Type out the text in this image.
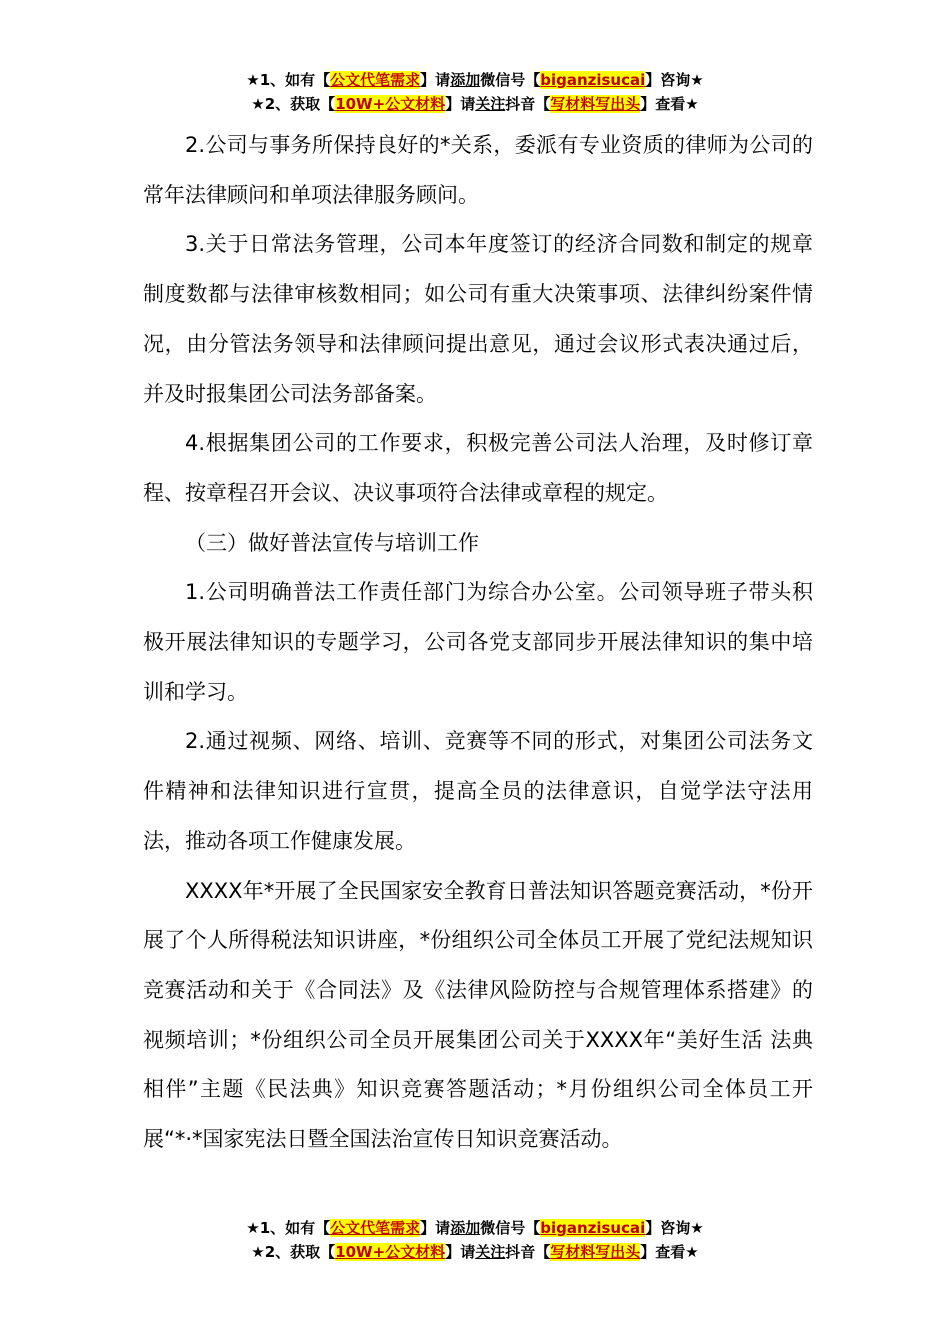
★1、如有【公文代笔需求】请添加微信号【biganzisucai】咨询★
★2、获取【10W+公文材料】请关注抖音【写材料写出头】查看★

2.公司与事务所保持良好的*关系，委派有专业资质的律师为公司的常年法律顾问和单项法律服务顾问。

3.关于日常法务管理，公司本年度签订的经济合同数和制定的规章制度数都与法律审核数相同；如公司有重大决策事项、法律纠纷案件情况，由分管法务领导和法律顾问提出意见，通过会议形式表决通过后，并及时报集团公司法务部备案。

4.根据集团公司的工作要求，积极完善公司法人治理，及时修订章程、按章程召开会议、决议事项符合法律或章程的规定。

（三）做好普法宣传与培训工作

1.公司明确普法工作责任部门为综合办公室。公司领导班子带头积极开展法律知识的专题学习，公司各党支部同步开展法律知识的集中培训和学习。

2.通过视频、网络、培训、竞赛等不同的形式，对集团公司法务文件精神和法律知识进行宣贯，提高全员的法律意识，自觉学法守法用法，推动各项工作健康发展。

XXXX年*开展了全民国家安全教育日普法知识答题竞赛活动，*份开展了个人所得税法知识讲座，*份组织公司全体员工开展了党纪法规知识竞赛活动和关于《合同法》及《法律风险防控与合规管理体系搭建》的视频培训；*份组织公司全员开展集团公司关于XXXX年“美好生活 法典相伴”主题《民法典》知识竞赛答题活动；*月份组织公司全体员工开展“*·*国家宪法日暨全国法治宣传日知识竞赛活动。

★1、如有【公文代笔需求】请添加微信号【biganzisucai】咨询★
★2、获取【10W+公文材料】请关注抖音【写材料写出头】查看★
